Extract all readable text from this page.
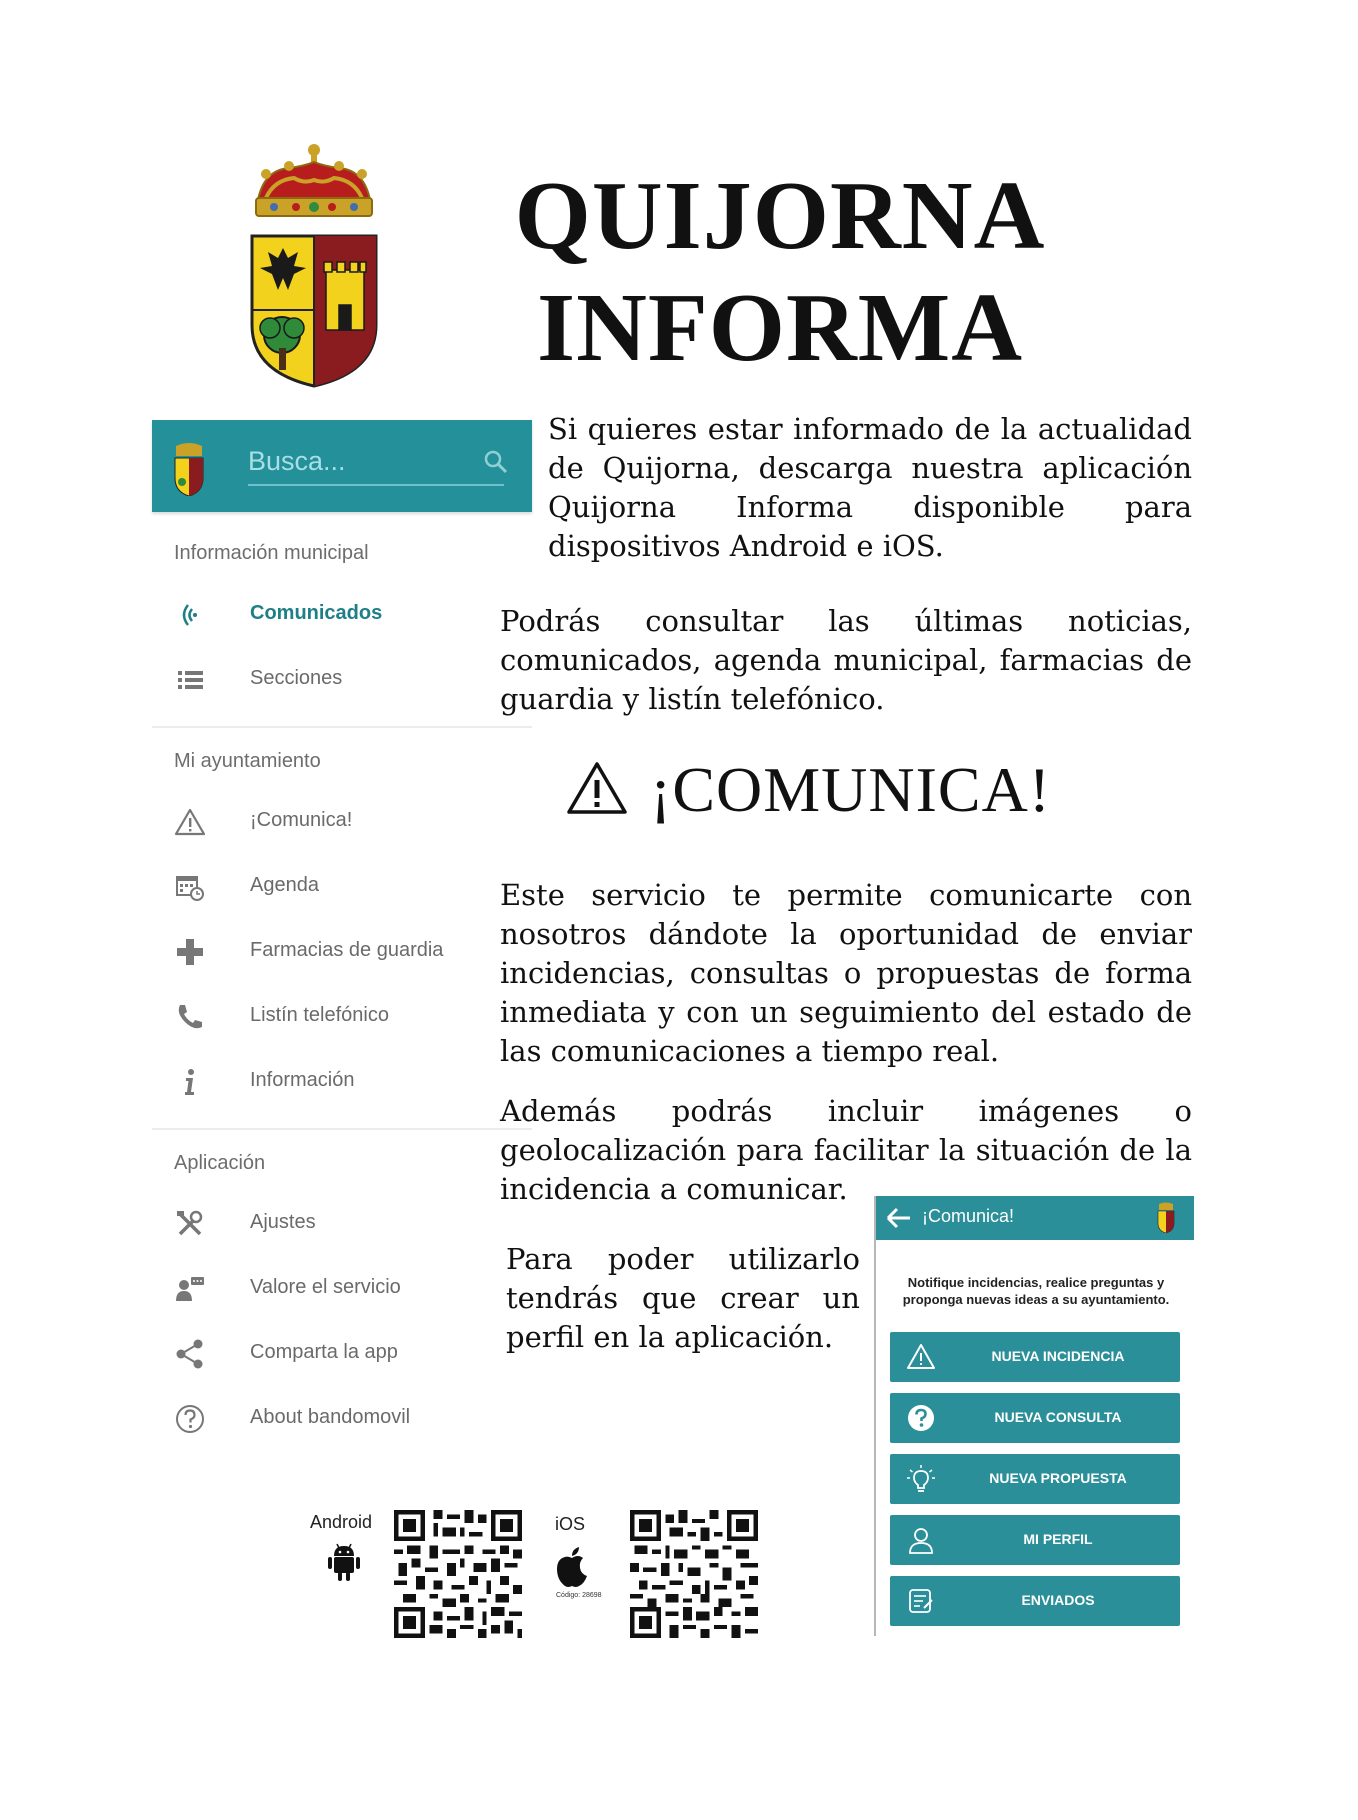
QUIJORNA
INFORMA

Si quieres estar informado de la actualidad de Quijorna, descarga nuestra aplicación Quijorna Informa disponible para dispositivos Android e iOS.

Podrás consultar las últimas noticias, comunicados, agenda municipal, farmacias de guardia y listín telefónico.

Busca...
Información municipal
Comunicados
Secciones
Mi ayuntamiento
¡Comunica!
Agenda
Farmacias de guardia
Listín telefónico
Información
Aplicación
Ajustes
Valore el servicio
Comparta la app
About bandomovil
¡COMUNICA!

Este servicio te permite comunicarte con nosotros dándote la oportunidad de enviar incidencias, consultas o propuestas de forma inmediata y con un seguimiento del estado de las comunicaciones a tiempo real.

Además podrás incluir imágenes o geolocalización para facilitar la situación de la incidencia a comunicar.

Para poder utilizarlo tendrás que crear un perfil en la aplicación.

¡Comunica!
Notifique incidencias, realice preguntas y proponga nuevas ideas a su ayuntamiento.
NUEVA INCIDENCIA
NUEVA CONSULTA
NUEVA PROPUESTA
MI PERFIL
ENVIADOS
Android	iOS
Código: 28698
